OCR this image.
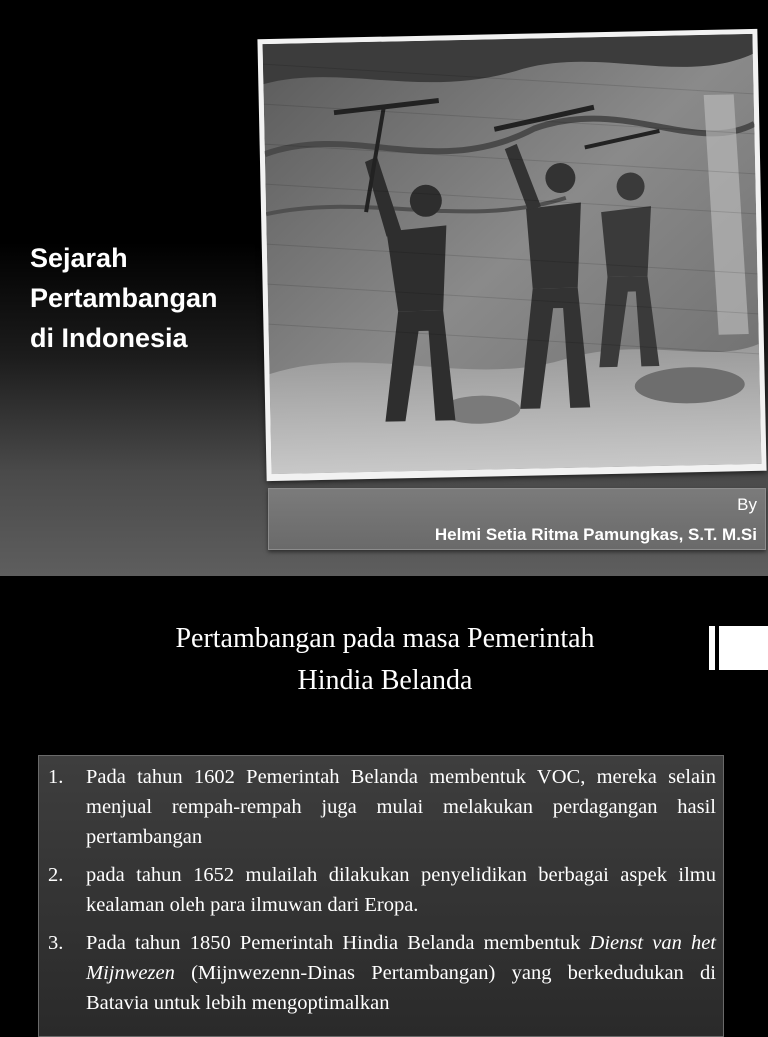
Sejarah
Pertambangan
di Indonesia
By
Helmi Setia Ritma Pamungkas, S.T. M.Si
Pertambangan pada masa Pemerintah
Hindia Belanda
1. Pada tahun 1602 Pemerintah Belanda membentuk VOC, mereka selain menjual rempah-rempah juga mulai melakukan perdagangan hasil pertambangan
2. pada tahun 1652 mulailah dilakukan penyelidikan berbagai aspek ilmu kealaman oleh para ilmuwan dari Eropa.
3. Pada tahun 1850 Pemerintah Hindia Belanda membentuk Dienst van het Mijnwezen (Mijnwezenn-Dinas Pertambangan) yang berkedudukan di Batavia untuk lebih mengoptimalkan
